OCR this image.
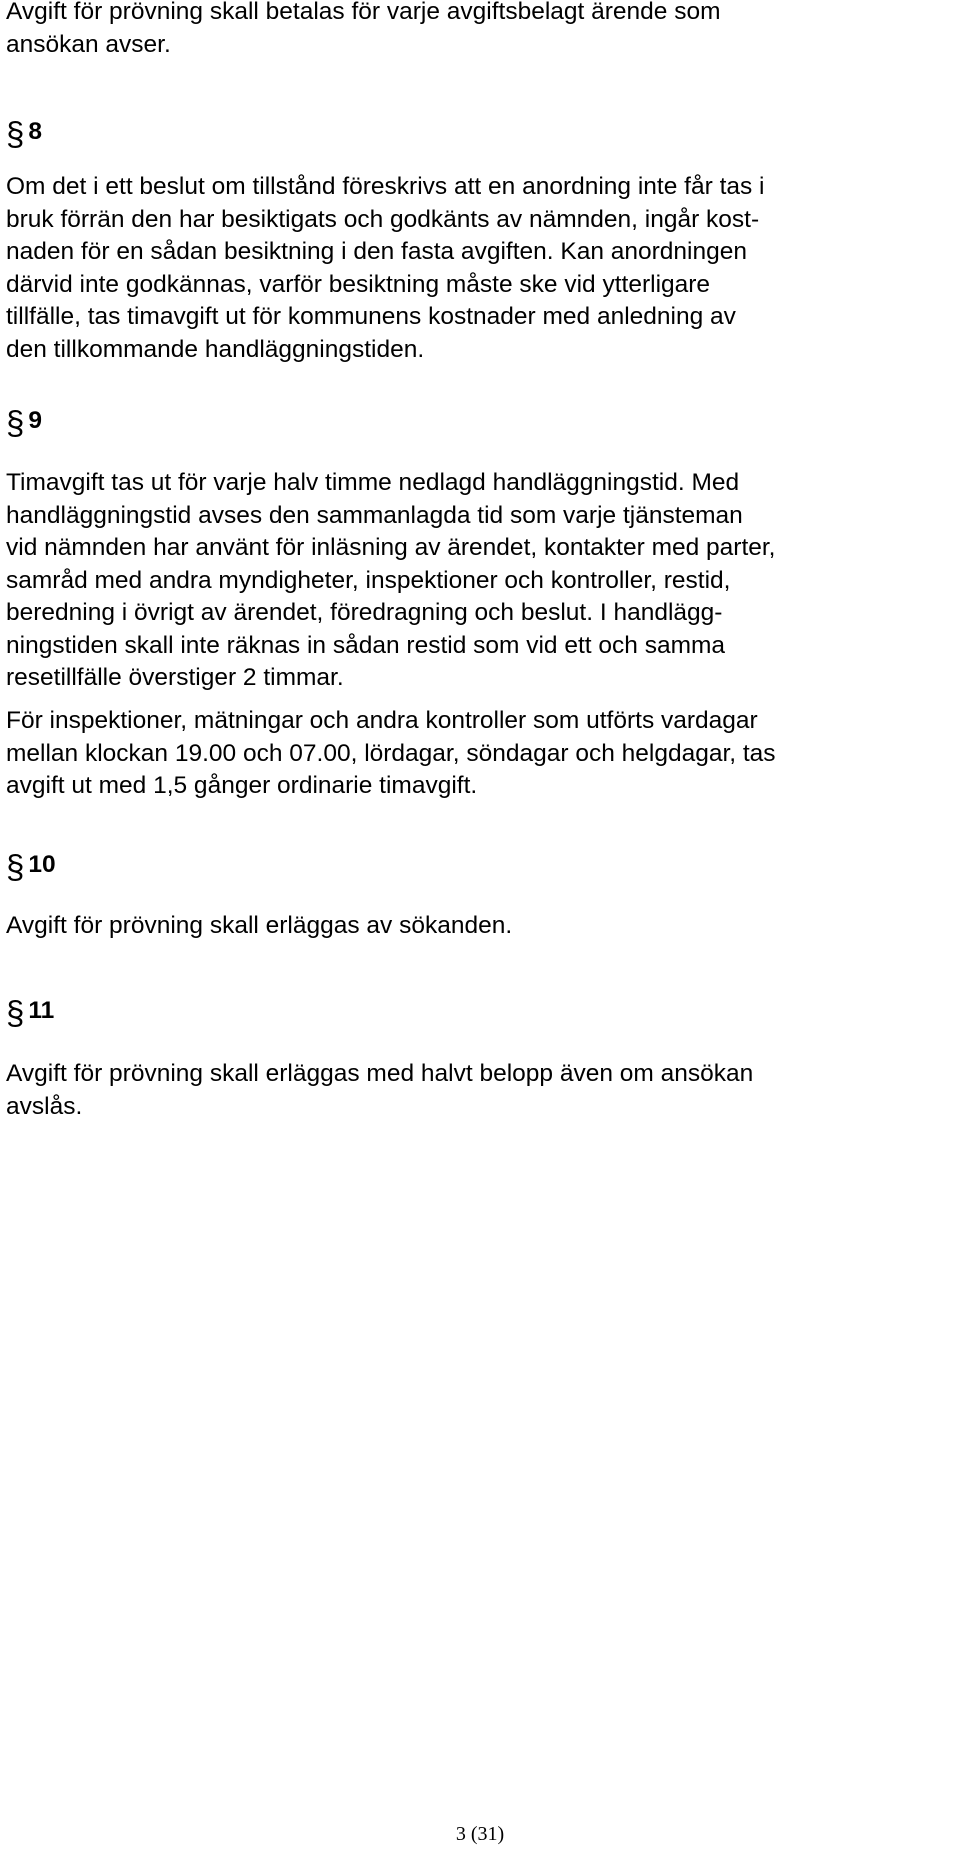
Avgift för prövning skall betalas för varje avgiftsbelagt ärende som
ansökan avser.

§ 8

Om det i ett beslut om tillstånd föreskrivs att en anordning inte får tas i
bruk förrän den har besiktigats och godkänts av nämnden, ingår kost-
naden för en sådan besiktning i den fasta avgiften. Kan anordningen
därvid inte godkännas, varför besiktning måste ske vid ytterligare
tillfälle, tas timavgift ut för kommunens kostnader med anledning av
den tillkommande handläggningstiden.

§ 9

Timavgift tas ut för varje halv timme nedlagd handläggningstid. Med
handläggningstid avses den sammanlagda tid som varje tjänsteman
vid nämnden har använt för inläsning av ärendet, kontakter med parter,
samråd med andra myndigheter, inspektioner och kontroller, restid,
beredning i övrigt av ärendet, föredragning och beslut. I handlägg-
ningstiden skall inte räknas in sådan restid som vid ett och samma
resetillfälle överstiger 2 timmar.

För inspektioner, mätningar och andra kontroller som utförts vardagar
mellan klockan 19.00 och 07.00, lördagar, söndagar och helgdagar, tas
avgift ut med 1,5 gånger ordinarie timavgift.

§ 10

Avgift för prövning skall erläggas av sökanden.

§ 11

Avgift för prövning skall erläggas med halvt belopp även om ansökan
avslås.

3 (31)
